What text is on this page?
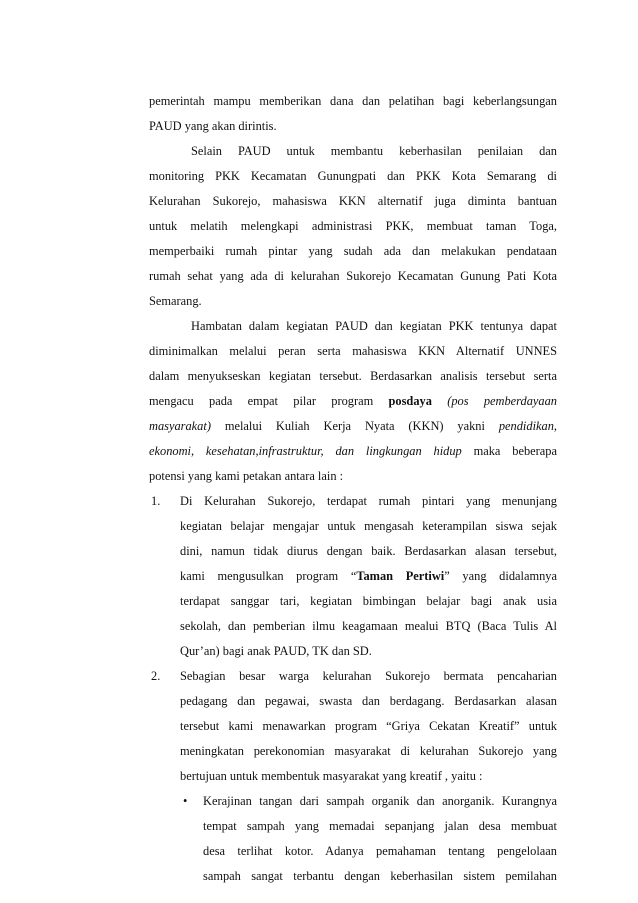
pemerintah mampu memberikan dana dan pelatihan bagi keberlangsungan
PAUD yang akan dirintis.
Selain PAUD untuk membantu keberhasilan penilaian dan
monitoring PKK Kecamatan Gunungpati dan PKK Kota Semarang di
Kelurahan Sukorejo, mahasiswa KKN alternatif juga diminta bantuan
untuk melatih melengkapi administrasi PKK, membuat taman Toga,
memperbaiki rumah pintar yang sudah ada dan melakukan pendataan
rumah sehat yang ada di kelurahan Sukorejo Kecamatan Gunung Pati Kota
Semarang.
Hambatan dalam kegiatan PAUD dan kegiatan PKK tentunya dapat
diminimalkan melalui peran serta mahasiswa KKN Alternatif UNNES
dalam menyukseskan kegiatan tersebut. Berdasarkan analisis tersebut serta
mengacu pada empat pilar program posdaya (pos pemberdayaan
masyarakat) melalui Kuliah Kerja Nyata (KKN) yakni pendidikan,
ekonomi, kesehatan,infrastruktur, dan lingkungan hidup maka beberapa
potensi yang kami petakan antara lain :
1. Di Kelurahan Sukorejo, terdapat rumah pintari yang menunjang
kegiatan belajar mengajar untuk mengasah keterampilan siswa sejak
dini, namun tidak diurus dengan baik. Berdasarkan alasan tersebut,
kami mengusulkan program “Taman Pertiwi” yang didalamnya
terdapat sanggar tari, kegiatan bimbingan belajar bagi anak usia
sekolah, dan pemberian ilmu keagamaan mealui BTQ (Baca Tulis Al
Qur’an) bagi anak PAUD, TK dan SD.
2. Sebagian besar warga kelurahan Sukorejo bermata pencaharian
pedagang dan pegawai, swasta dan berdagang. Berdasarkan alasan
tersebut kami menawarkan program “Griya Cekatan Kreatif” untuk
meningkatan perekonomian masyarakat di kelurahan Sukorejo yang
bertujuan untuk membentuk masyarakat yang kreatif , yaitu :
• Kerajinan tangan dari sampah organik dan anorganik. Kurangnya
tempat sampah yang memadai sepanjang jalan desa membuat
desa terlihat kotor. Adanya pemahaman tentang pengelolaan
sampah sangat terbantu dengan keberhasilan sistem pemilahan
